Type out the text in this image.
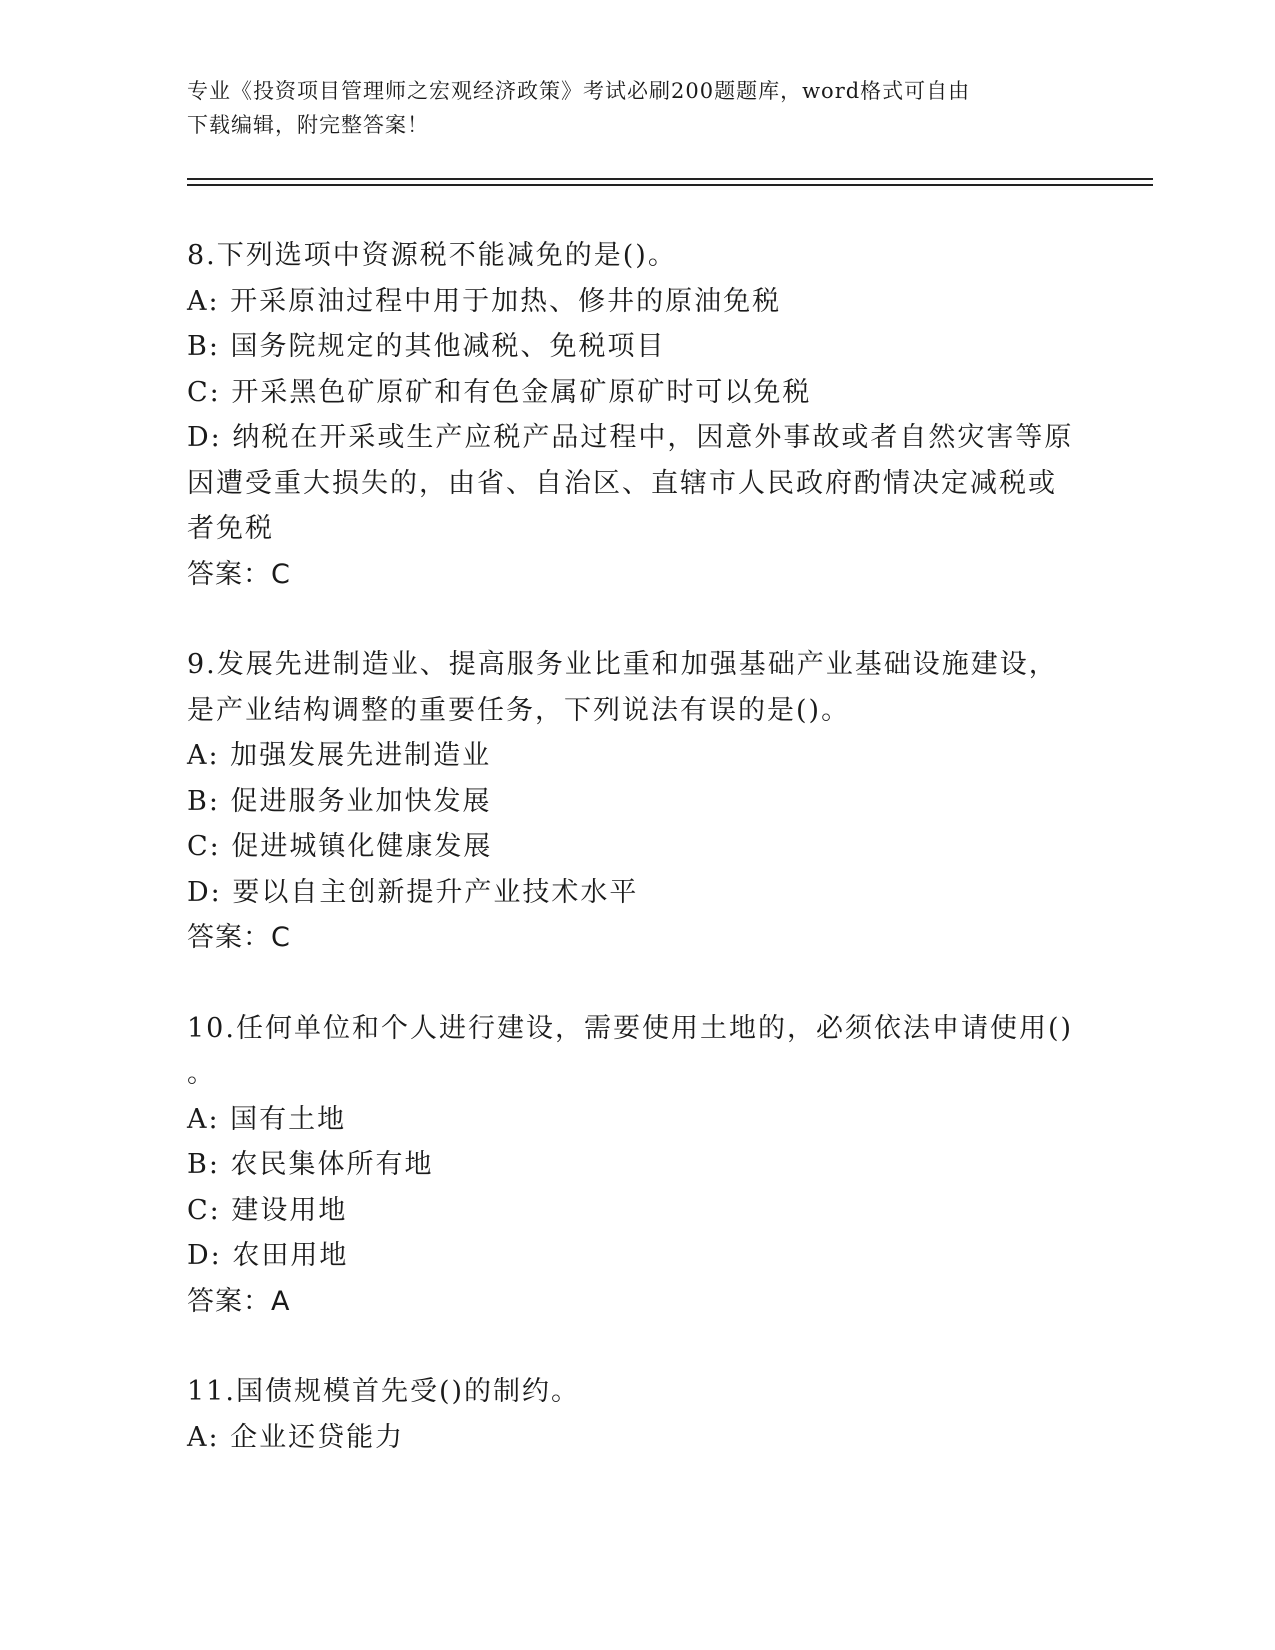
专业《投资项目管理师之宏观经济政策》考试必刷200题题库，word格式可自由
下载编辑，附完整答案！
8.下列选项中资源税不能减免的是()。
A: 开采原油过程中用于加热、修井的原油免税
B: 国务院规定的其他减税、免税项目
C: 开采黑色矿原矿和有色金属矿原矿时可以免税
D: 纳税在开采或生产应税产品过程中，因意外事故或者自然灾害等原
因遭受重大损失的，由省、自治区、直辖市人民政府酌情决定减税或
者免税
答案：C
9.发展先进制造业、提高服务业比重和加强基础产业基础设施建设，
是产业结构调整的重要任务，下列说法有误的是()。
A: 加强发展先进制造业
B: 促进服务业加快发展
C: 促进城镇化健康发展
D: 要以自主创新提升产业技术水平
答案：C
10.任何单位和个人进行建设，需要使用土地的，必须依法申请使用()
。
A: 国有土地
B: 农民集体所有地
C: 建设用地
D: 农田用地
答案：A
11.国债规模首先受()的制约。
A: 企业还贷能力
